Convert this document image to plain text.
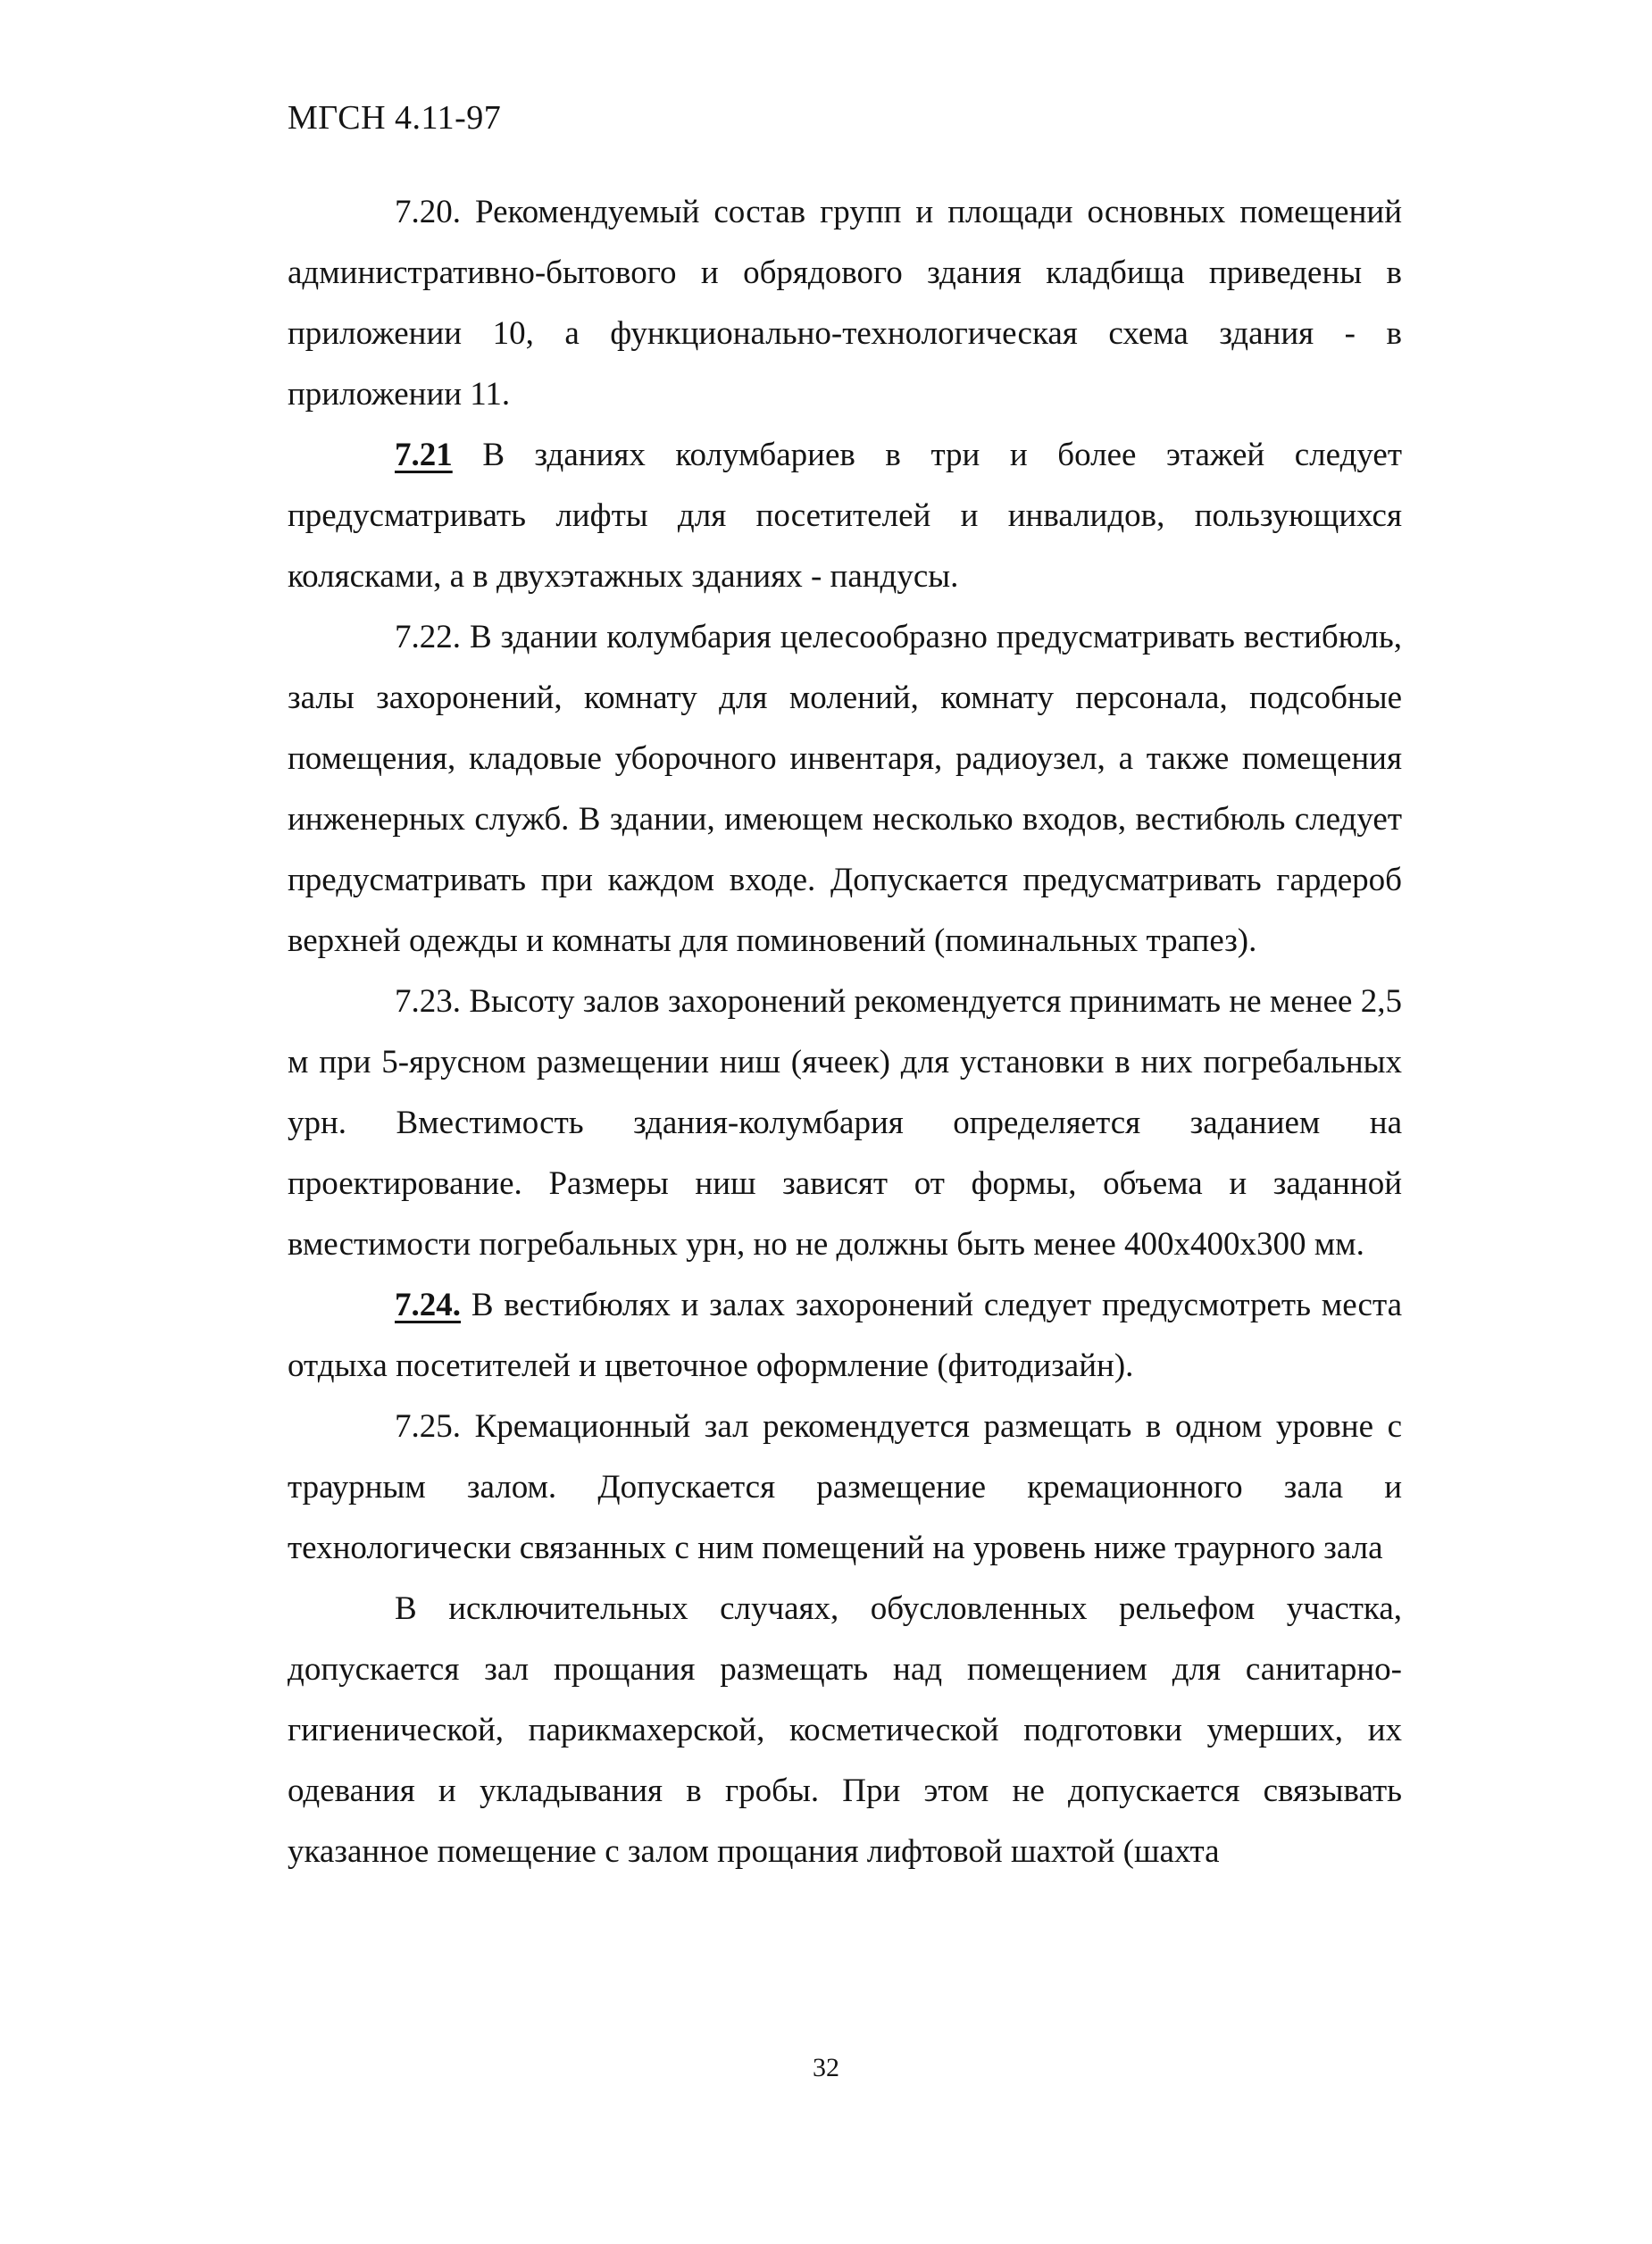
МГСН 4.11-97

7.20. Рекомендуемый состав групп и площади основных помещений административно-бытового и обрядового здания кладбища приведены в приложении 10, а функционально-технологическая схема здания - в приложении 11.

7.21 В зданиях колумбариев в три и более этажей следует предусматривать лифты для посетителей и инвалидов, пользующихся колясками, а в двухэтажных зданиях - пандусы.

7.22. В здании колумбария целесообразно предусматривать вестибюль, залы захоронений, комнату для молений, комнату персонала, подсобные помещения, кладовые уборочного инвентаря, радиоузел, а также помещения инженерных служб. В здании, имеющем несколько входов, вестибюль следует предусматривать при каждом входе. Допускается предусматривать гардероб верхней одежды и комнаты для поминовений (поминальных трапез).

7.23. Высоту залов захоронений рекомендуется принимать не менее 2,5 м при 5-ярусном размещении ниш (ячеек) для установки в них погребальных урн. Вместимость здания-колумбария определяется заданием на проектирование. Размеры ниш зависят от формы, объема и заданной вместимости погребальных урн, но не должны быть менее 400х400х300 мм.

7.24. В вестибюлях и залах захоронений следует предусмотреть места отдыха посетителей и цветочное оформление (фитодизайн).

7.25. Кремационный зал рекомендуется размещать в одном уровне с траурным залом. Допускается размещение кремационного зала и технологически связанных с ним помещений на уровень ниже траурного зала

В исключительных случаях, обусловленных рельефом участка, допускается зал прощания размещать над помещением для санитарно-гигиенической, парикмахерской, косметической подготовки умерших, их одевания и укладывания в гробы. При этом не допускается связывать указанное помещение с залом прощания лифтовой шахтой (шахта

32
